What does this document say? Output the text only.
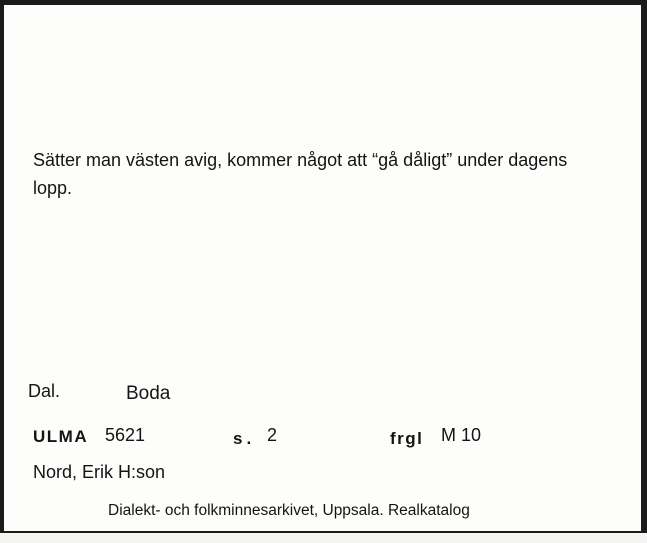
Sätter man västen avig, kommer något att “gå dåligt” under dagens lopp.
Dal.	Boda
ULMA 5621	s. 2	frgl M 10
Nord, Erik H:son
Dialekt- och folkminnesarkivet, Uppsala. Realkatalog
